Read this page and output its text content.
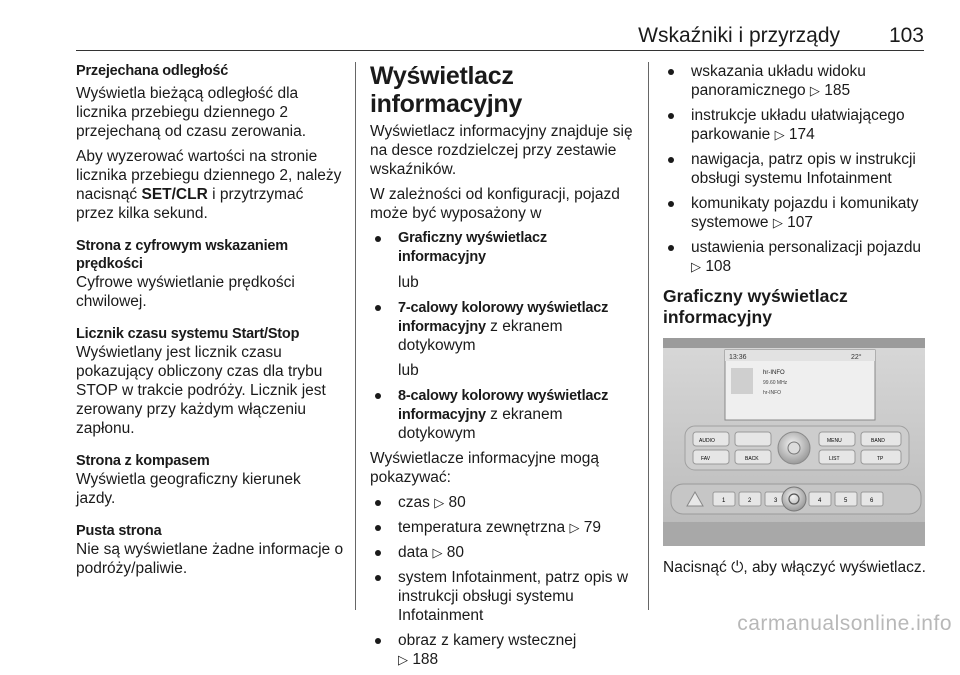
Wskaźniki i przyrządy 103
Przejechana odległość
Wyświetla bieżącą odległość dla licznika przebiegu dziennego 2 przejechaną od czasu zerowania.
Aby wyzerować wartości na stronie licznika przebiegu dziennego 2, należy nacisnąć SET/CLR i przytrzymać przez kilka sekund.
Strona z cyfrowym wskazaniem prędkości
Cyfrowe wyświetlanie prędkości chwilowej.
Licznik czasu systemu Start/Stop
Wyświetlany jest licznik czasu pokazujący obliczony czas dla trybu STOP w trakcie podróży. Licznik jest zerowany przy każdym włączeniu zapłonu.
Strona z kompasem
Wyświetla geograficzny kierunek jazdy.
Pusta strona
Nie są wyświetlane żadne informacje o podróży/paliwie.
Wyświetlacz informacyjny
Wyświetlacz informacyjny znajduje się na desce rozdzielczej przy zestawie wskaźników.
W zależności od konfiguracji, pojazd może być wyposażony w
Graficzny wyświetlacz informacyjny
lub
7-calowy kolorowy wyświetlacz informacyjny z ekranem dotykowym
lub
8-calowy kolorowy wyświetlacz informacyjny z ekranem dotykowym
Wyświetlacze informacyjne mogą pokazywać:
czas ▷ 80
temperatura zewnętrzna ▷ 79
data ▷ 80
system Infotainment, patrz opis w instrukcji obsługi systemu Infotainment
obraz z kamery wstecznej
▷ 188
wskazania układu widoku panoramicznego ▷ 185
instrukcje układu ułatwiającego parkowanie ▷ 174
nawigacja, patrz opis w instrukcji obsługi systemu Infotainment
komunikaty pojazdu i komunikaty systemowe ▷ 107
ustawienia personalizacji pojazdu ▷ 108
Graficzny wyświetlacz informacyjny
13:36	22°
hr-INFO
99.60 MHz
hr-INFO
AUDIO
FAV	BACK
MENU
LIST
BAND
TP
1	2	3	4	5	6
Nacisnąć ⏻, aby włączyć wyświetlacz.
carmanualsonline.info
